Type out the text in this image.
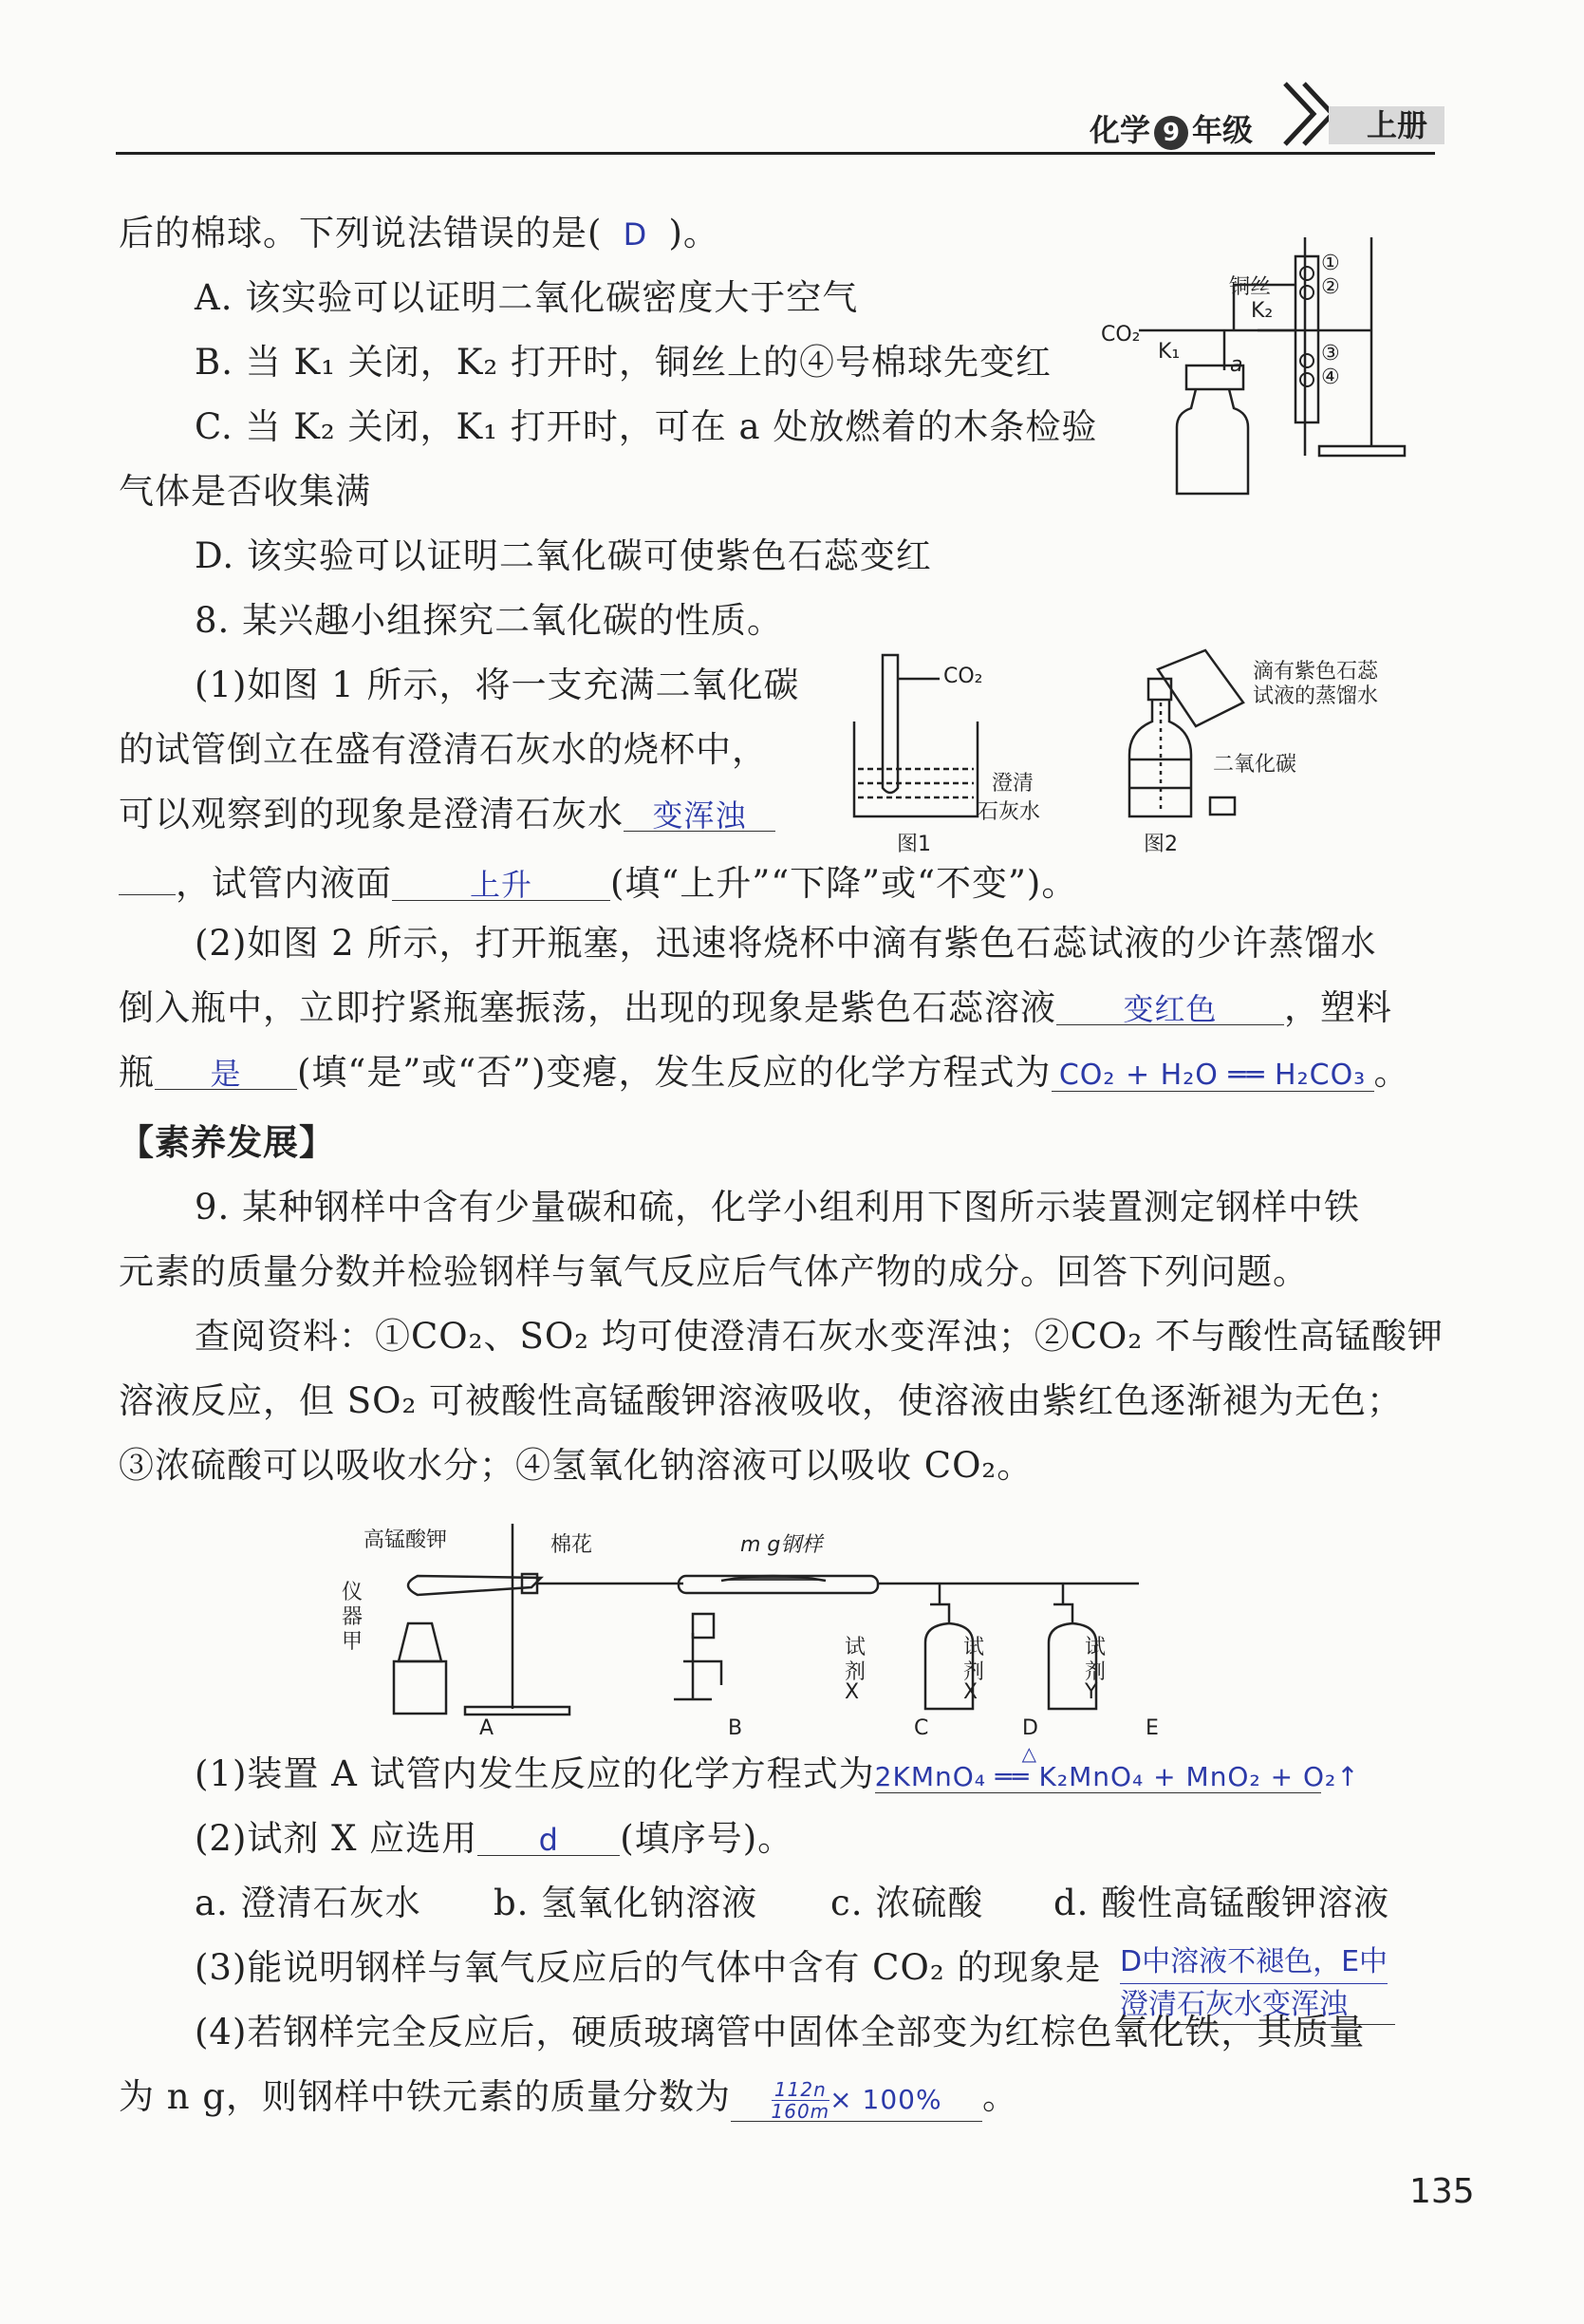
化学 9 年级	上册
后的棉球。下列说法错误的是( D )。
A. 该实验可以证明二氧化碳密度大于空气
B. 当 K₁ 关闭，K₂ 打开时，铜丝上的④号棉球先变红
C. 当 K₂ 关闭，K₁ 打开时，可在 a 处放燃着的木条检验
气体是否收集满
D. 该实验可以证明二氧化碳可使紫色石蕊变红
铜丝
K₂
K₁
CO₂
a
①
②
③
④
8. 某兴趣小组探究二氧化碳的性质。
(1)如图 1 所示，将一支充满二氧化碳
的试管倒立在盛有澄清石灰水的烧杯中，
可以观察到的现象是澄清石灰水 变浑浊
，试管内液面	上升 (填“上升”“下降”或“不变”)。
CO₂
澄清
石灰水
图1
滴有紫色石蕊
试液的蒸馏水
二氧化碳
图2
(2)如图 2 所示，打开瓶塞，迅速将烧杯中滴有紫色石蕊试液的少许蒸馏水
倒入瓶中，立即拧紧瓶塞振荡，出现的现象是紫色石蕊溶液 变红色 ，塑料
瓶 是 (填“是”或“否”)变瘪，发生反应的化学方程式为 CO₂ + H₂O ══ H₂CO₃ 。
【素养发展】
9. 某种钢样中含有少量碳和硫，化学小组利用下图所示装置测定钢样中铁
元素的质量分数并检验钢样与氧气反应后气体产物的成分。回答下列问题。
查阅资料：①CO₂、SO₂ 均可使澄清石灰水变浑浊；②CO₂ 不与酸性高锰酸钾
溶液反应，但 SO₂ 可被酸性高锰酸钾溶液吸收，使溶液由紫红色逐渐褪为无色；
③浓硫酸可以吸收水分；④氢氧化钠溶液可以吸收 CO₂。
高锰酸钾	棉花	m g钢样
仪
器
甲	试
剂
X
试
剂
X
试
剂
Y
A	B	C	D	E
(1)装置 A 试管内发生反应的化学方程式为	△
2KMnO₄ ══ K₂MnO₄ + MnO₂ + O₂↑
(2)试剂 X 应选用 d (填序号)。
a. 澄清石灰水 b. 氢氧化钠溶液 c. 浓硫酸 d. 酸性高锰酸钾溶液
(3)能说明钢样与氧气反应后的气体中含有 CO₂ 的现象是 D中溶液不褪色，E中
澄清石灰水变浑浊
(4)若钢样完全反应后，硬质玻璃管中固体全部变为红棕色氧化铁，其质量
为 n g，则钢样中铁元素的质量分数为 $\frac{112n}{160m} \times 100\%$ 。
135
